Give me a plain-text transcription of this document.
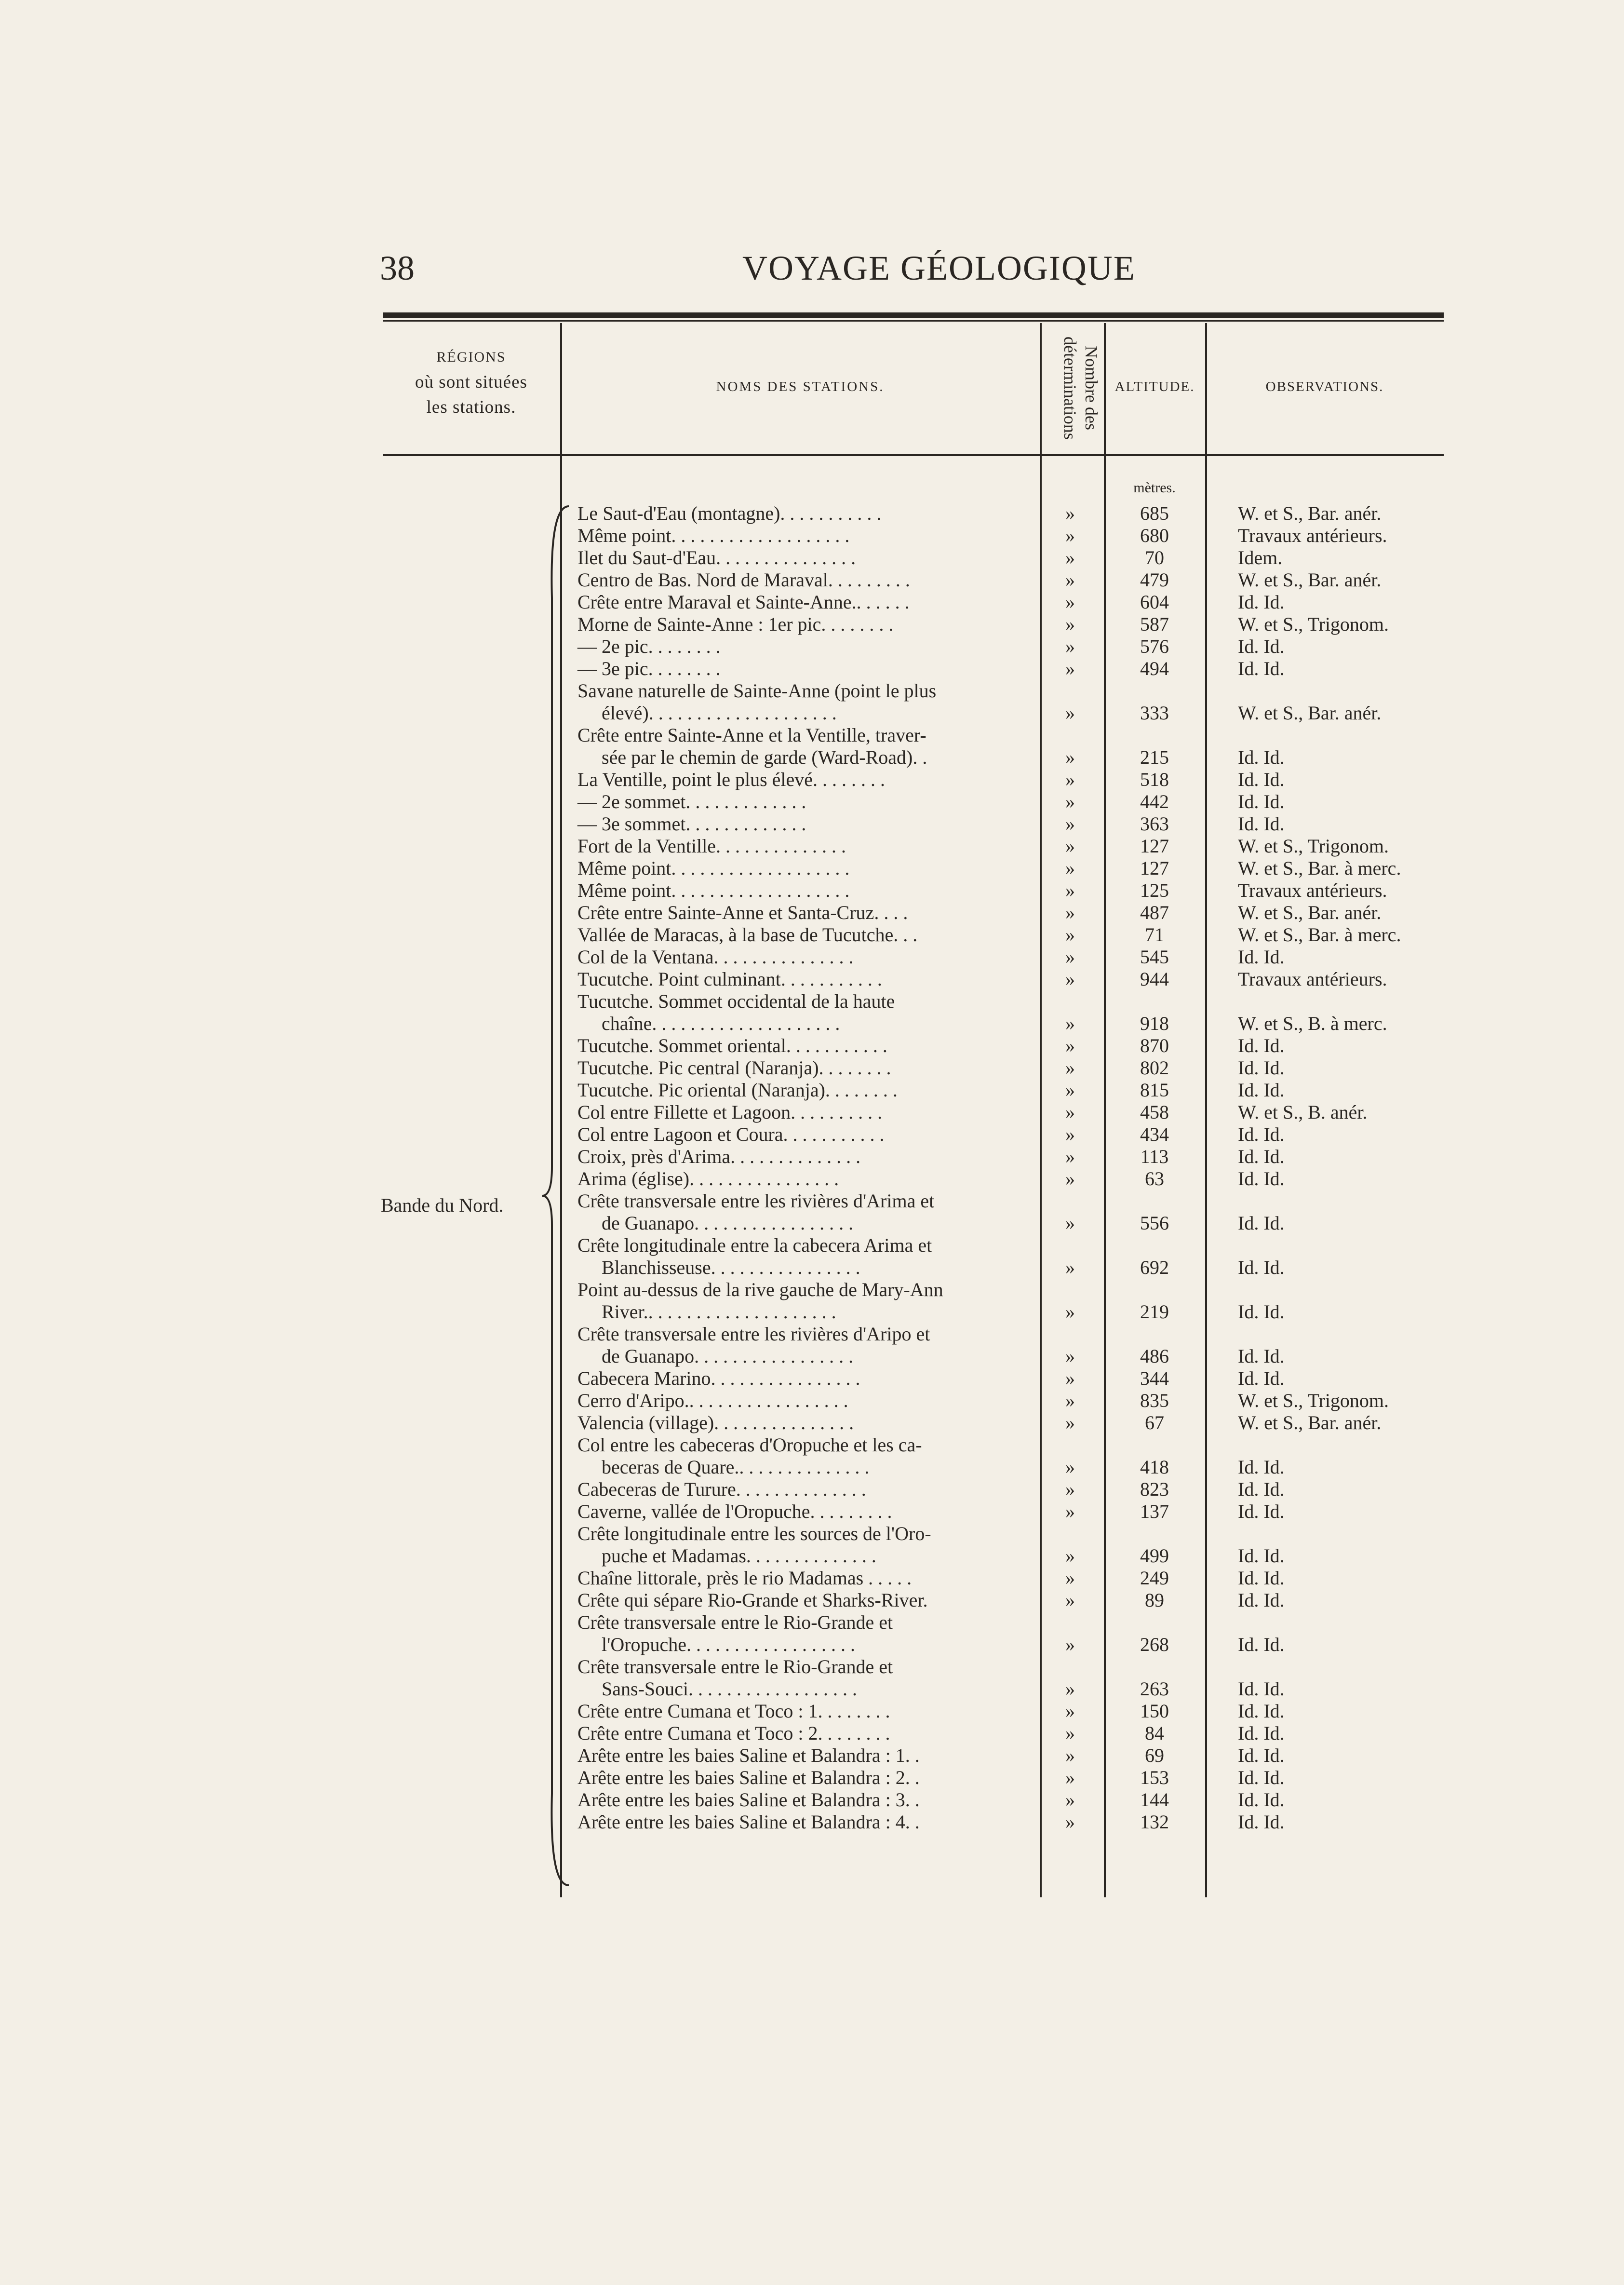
38	VOYAGE GÉOLOGIQUE
RÉGIONS
où sont situées
les stations.
NOMS DES STATIONS.	Nombre des déterminations	ALTITUDE.	OBSERVATIONS.
mètres.
Bande du Nord.
Le Saut-d'Eau (montagne). . . . . . . . . . .	»	685	W. et S., Bar. anér.
Même point. . . . . . . . . . . . . . . . . . .	»	680	Travaux antérieurs.
Ilet du Saut-d'Eau. . . . . . . . . . . . . . .	»	70	Idem.
Centro de Bas. Nord de Maraval. . . . . . . . .	»	479	W. et S., Bar. anér.
Crête entre Maraval et Sainte-Anne.. . . . . .	»	604	Id. Id.
Morne de Sainte-Anne : 1er pic. . . . . . . .	»	587	W. et S., Trigonom.
— 2e pic. . . . . . . .	»	576	Id. Id.
— 3e pic. . . . . . . .	»	494	Id. Id.
Savane naturelle de Sainte-Anne (point le plus
élevé). . . . . . . . . . . . . . . . . . . .	»	333	W. et S., Bar. anér.
Crête entre Sainte-Anne et la Ventille, traver-
sée par le chemin de garde (Ward-Road). .	»	215	Id. Id.
La Ventille, point le plus élevé. . . . . . . .	»	518	Id. Id.
— 2e sommet. . . . . . . . . . . . .	»	442	Id. Id.
— 3e sommet. . . . . . . . . . . . .	»	363	Id. Id.
Fort de la Ventille. . . . . . . . . . . . . .	»	127	W. et S., Trigonom.
Même point. . . . . . . . . . . . . . . . . . .	»	127	W. et S., Bar. à merc.
Même point. . . . . . . . . . . . . . . . . . .	»	125	Travaux antérieurs.
Crête entre Sainte-Anne et Santa-Cruz. . . .	»	487	W. et S., Bar. anér.
Vallée de Maracas, à la base de Tucutche. . .	»	71	W. et S., Bar. à merc.
Col de la Ventana. . . . . . . . . . . . . . .	»	545	Id. Id.
Tucutche. Point culminant. . . . . . . . . . .	»	944	Travaux antérieurs.
Tucutche. Sommet occidental de la haute
chaîne. . . . . . . . . . . . . . . . . . . .	»	918	W. et S., B. à merc.
Tucutche. Sommet oriental. . . . . . . . . . .	»	870	Id. Id.
Tucutche. Pic central (Naranja). . . . . . . .	»	802	Id. Id.
Tucutche. Pic oriental (Naranja). . . . . . . .	»	815	Id. Id.
Col entre Fillette et Lagoon. . . . . . . . . .	»	458	W. et S., B. anér.
Col entre Lagoon et Coura. . . . . . . . . . .	»	434	Id. Id.
Croix, près d'Arima. . . . . . . . . . . . . .	»	113	Id. Id.
Arima (église). . . . . . . . . . . . . . . .	»	63	Id. Id.
Crête transversale entre les rivières d'Arima et
de Guanapo. . . . . . . . . . . . . . . . .	»	556	Id. Id.
Crête longitudinale entre la cabecera Arima et
Blanchisseuse. . . . . . . . . . . . . . . .	»	692	Id. Id.
Point au-dessus de la rive gauche de Mary-Ann
River.. . . . . . . . . . . . . . . . . . . .	»	219	Id. Id.
Crête transversale entre les rivières d'Aripo et
de Guanapo. . . . . . . . . . . . . . . . .	»	486	Id. Id.
Cabecera Marino. . . . . . . . . . . . . . . .	»	344	Id. Id.
Cerro d'Aripo.. . . . . . . . . . . . . . . . .	»	835	W. et S., Trigonom.
Valencia (village). . . . . . . . . . . . . . .	»	67	W. et S., Bar. anér.
Col entre les cabeceras d'Oropuche et les ca-
beceras de Quare.. . . . . . . . . . . . . .	»	418	Id. Id.
Cabeceras de Turure. . . . . . . . . . . . . .	»	823	Id. Id.
Caverne, vallée de l'Oropuche. . . . . . . . .	»	137	Id. Id.
Crête longitudinale entre les sources de l'Oro-
puche et Madamas. . . . . . . . . . . . . .	»	499	Id. Id.
Chaîne littorale, près le rio Madamas . . . . .	»	249	Id. Id.
Crête qui sépare Rio-Grande et Sharks-River.	»	89	Id. Id.
Crête transversale entre le Rio-Grande et
l'Oropuche. . . . . . . . . . . . . . . . . .	»	268	Id. Id.
Crête transversale entre le Rio-Grande et
Sans-Souci. . . . . . . . . . . . . . . . . .	»	263	Id. Id.
Crête entre Cumana et Toco : 1. . . . . . . .	»	150	Id. Id.
Crête entre Cumana et Toco : 2. . . . . . . .	»	84	Id. Id.
Arête entre les baies Saline et Balandra : 1. .	»	69	Id. Id.
Arête entre les baies Saline et Balandra : 2. .	»	153	Id. Id.
Arête entre les baies Saline et Balandra : 3. .	»	144	Id. Id.
Arête entre les baies Saline et Balandra : 4. .	»	132	Id. Id.
